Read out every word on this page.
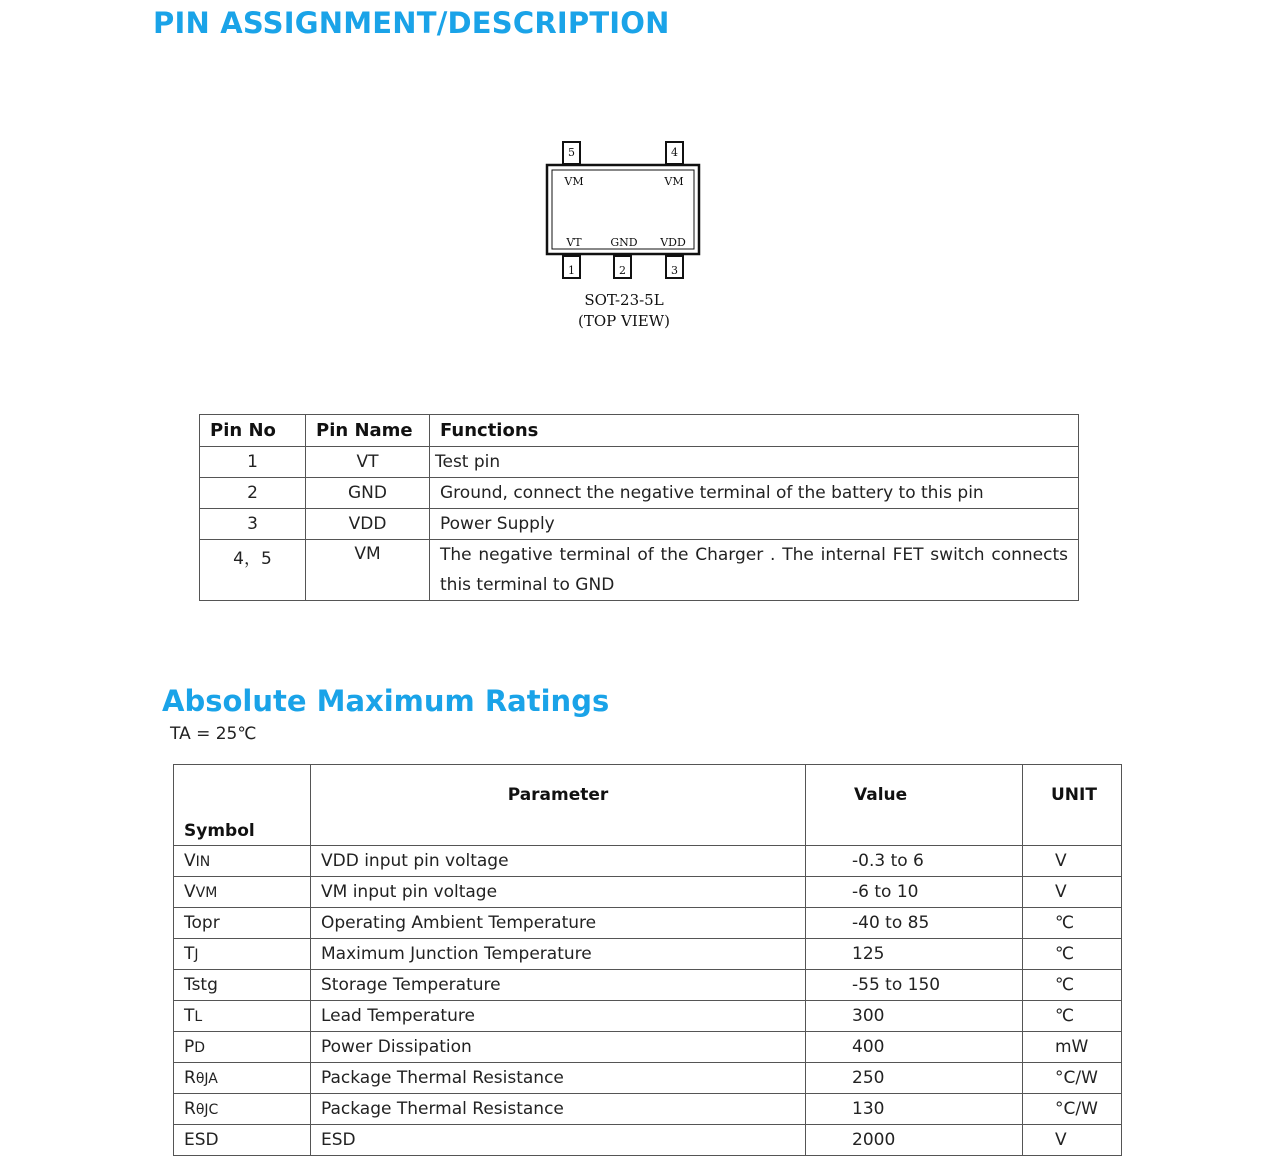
PIN ASSIGNMENT/DESCRIPTION
5	4
1	2	3
VM	VM
VT	GND VDD
SOT-23-5L
(TOP VIEW)
Pin No	Pin Name	Functions
1	VT	Test pin
2	GND	Ground, connect the negative terminal of the battery to this pin
3	VDD	Power Supply
4，5	VM	The negative terminal of the Charger . The internal FET switch connects this terminal to GND
Absolute Maximum Ratings
TA = 25℃
Symbol	Parameter	Value	UNIT
VIN	VDD input pin voltage	-0.3 to 6	V
VVM	VM input pin voltage	-6 to 10	V
Topr	Operating Ambient Temperature	-40 to 85	℃
TJ	Maximum Junction Temperature	125	℃
Tstg	Storage Temperature	-55 to 150	℃
TL	Lead Temperature	300	℃
PD	Power Dissipation	400	mW
RθJA	Package Thermal Resistance	250	°C/W
RθJC	Package Thermal Resistance	130	°C/W
ESD	ESD	2000	V
